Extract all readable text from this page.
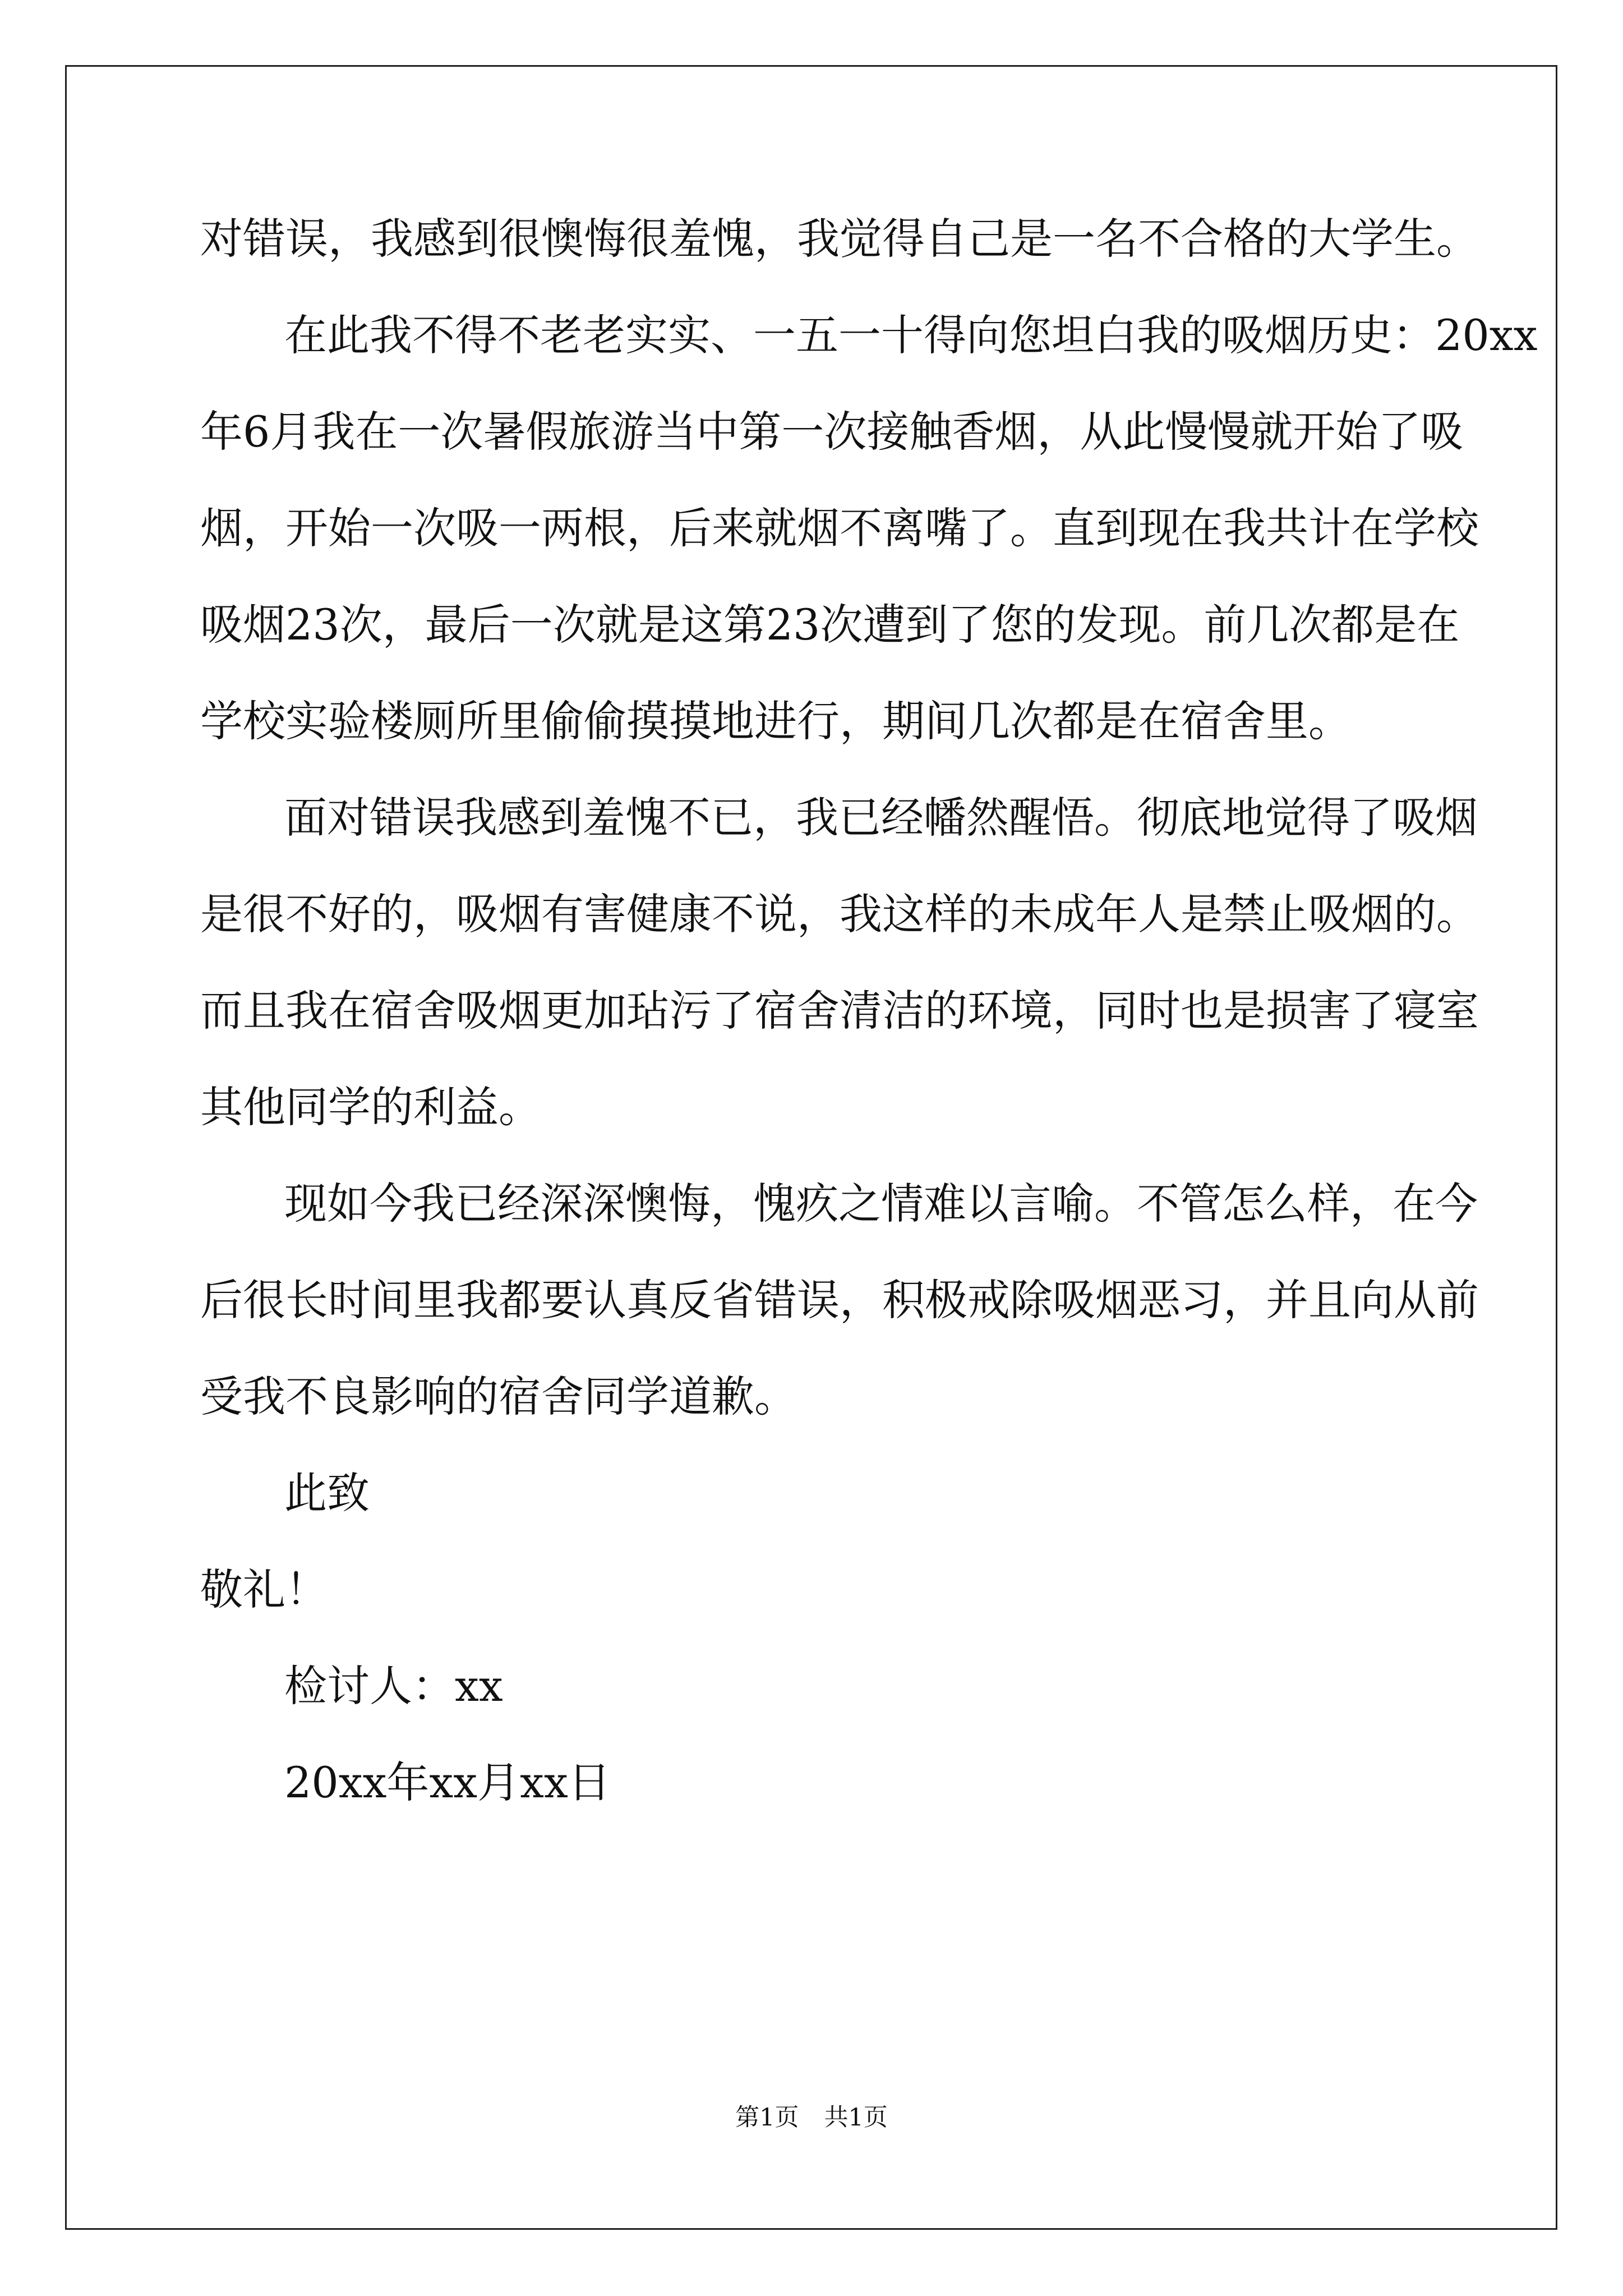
对错误，我感到很懊悔很羞愧，我觉得自己是一名不合格的大学生。
在此我不得不老老实实、一五一十得向您坦白我的吸烟历史：20xx
年6月我在一次暑假旅游当中第一次接触香烟，从此慢慢就开始了吸
烟，开始一次吸一两根，后来就烟不离嘴了。直到现在我共计在学校
吸烟23次，最后一次就是这第23次遭到了您的发现。前几次都是在
学校实验楼厕所里偷偷摸摸地进行，期间几次都是在宿舍里。
面对错误我感到羞愧不已，我已经幡然醒悟。彻底地觉得了吸烟
是很不好的，吸烟有害健康不说，我这样的未成年人是禁止吸烟的。
而且我在宿舍吸烟更加玷污了宿舍清洁的环境，同时也是损害了寝室
其他同学的利益。
现如今我已经深深懊悔，愧疚之情难以言喻。不管怎么样，在今
后很长时间里我都要认真反省错误，积极戒除吸烟恶习，并且向从前
受我不良影响的宿舍同学道歉。
此致
敬礼！
检讨人：xx
20xx年xx月xx日
第1页 共1页
